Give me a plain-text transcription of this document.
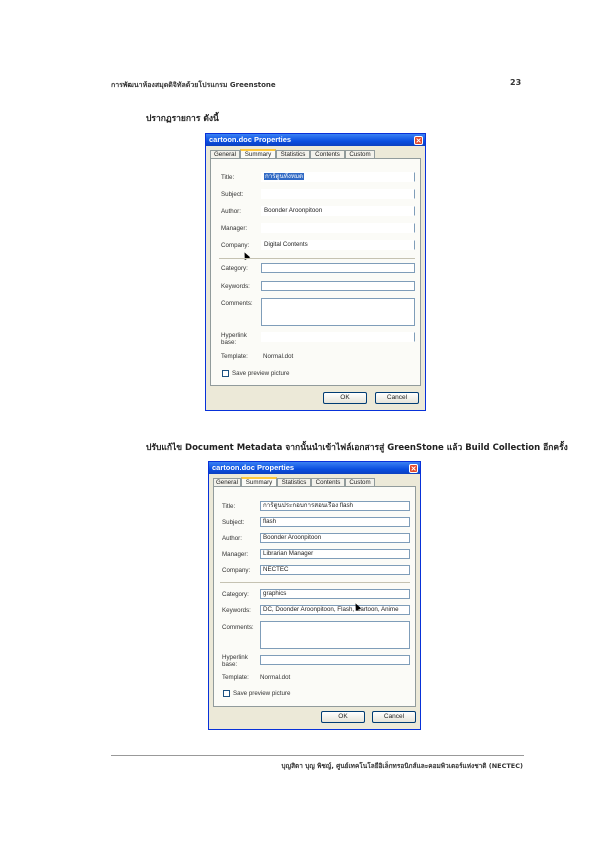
การพัฒนาห้องสมุดดิจิทัลด้วยโปรแกรม Greenstone	23
ปรากฏรายการ ดังนี้
cartoon.doc Properties	✕
General	Summary	Statistics	Contents	Custom
Title:	การ์ตูนทั้งหมด
Subject:
Author:	Boonder Aroonpitoon
Manager:
Company:	Digital Contents
Category:
Keywords:
Comments:
Hyperlink base:
Template: Normal.dot
Save preview picture
OK	Cancel
ปรับแก้ไข Document Metadata จากนั้นนำเข้าไฟล์เอกสารสู่ GreenStone แล้ว Build Collection อีกครั้ง
cartoon.doc Properties	✕
General	Summary	Statistics	Contents	Custom
Title:	การ์ตูนประกอบการสอนเรื่อง flash
Subject:	flash
Author:	Boonder Aroonpitoon
Manager:	Librarian Manager
Company:	NECTEC
Category:	graphics
Keywords:	DC, Doonder Aroonpitoon, Flash, Cartoon, Anime
Comments:
Hyperlink base:
Template: Normal.dot
Save preview picture
OK	Cancel
บุญสิตา บุญ พิชญ์, ศูนย์เทคโนโลยีอิเล็กทรอนิกส์และคอมพิวเตอร์แห่งชาติ (NECTEC)
